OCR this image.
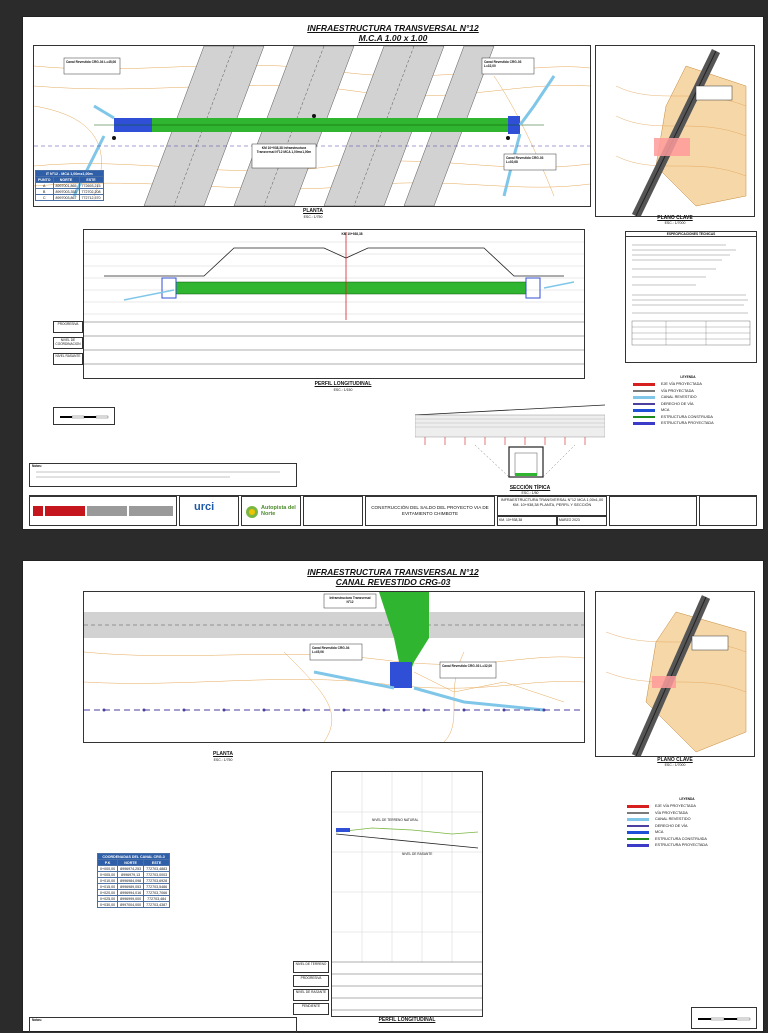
INFRAESTRUCTURA TRANSVERSAL N°12
M.C.A 1.00 x 1.00
Canal Revestido CRG-04 L=45,06	Canal Revestido CRG-03 L=32,00
KM 10+938,38 Infraestructura Transversal N°12 MCA 1,00mx1,00m
Canal Revestido CRG-03 L=30,68
IT N°12 - MCA 1,00mx1,00m		
PUNTO	NORTE	ESTE
A	8997001,865	772693,215
B	8997003,353	772702,208
C	8997003,867	772712,570
PLANTA
ESC.: 1/750	PLANO CLAVE
ESC.: 1/7000
KM 10+938,38
PROGRESIVA
NIVEL DE COORDINACION
NIVEL RASANTE
PERFIL LONGITUDINAL
ESC.: 1/150
ESPECIFICACIONES TÉCNICAS
LEYENDA
EJE VÍA PROYECTADA
VÍA PROYECTADA
CANAL REVESTIDO
DERECHO DE VÍA
MCA
ESTRUCTURA CONSTRUIDA
ESTRUCTURA PROYECTADA
SECCIÓN TÍPICA
ESC.: 1/50
Notas:
urci	Autopista del Norte
CONSTRUCCIÓN DEL SALDO DEL PROYECTO VIA DE EVITAMIENTO CHIMBOTE
INFRAESTRUCTURA TRANSVERSAL N°12 MCA 1,00x1,00 KM. 10+938,38 PLANTA, PERFIL Y SECCIÓN
KM. 10+938,38	MARZO 2023
INFRAESTRUCTURA TRANSVERSAL N°12
CANAL REVESTIDO CRG-03
Infraestructura Transversal N°12
Canal Revestido CRG-04 L=45,06
Canal Revestido CRG-03 L=32,00
PLANTA
ESC.: 1/750	PLANO CLAVE
ESC.: 1/7000
COORDENADAS DEL CANAL CRG-3		
P.K	NORTE	ESTE
0+000,00	8996974,253	772703,4883
0+005,00	8996979,13	772703,0003
0+010,00	8996984,098	772703,6928
0+015,00	8996989,053	772703,5486
0+020,00	8996994,016	772703,7066
0+025,00	8996999,000	772703,484
0+030,00	8997004,000	772703,4387
NIVEL DE TERRENO NATURAL
NIVEL DE RASANTE
NIVEL DE TERRENO
PROGRESIVA
NIVEL DE RASANTE
PENDIENTE
PERFIL LONGITUDINAL
LEYENDA
EJE VÍA PROYECTADA
VÍA PROYECTADA
CANAL REVESTIDO
DERECHO DE VÍA
MCA
ESTRUCTURA CONSTRUIDA
ESTRUCTURA PROYECTADA
Notas:
